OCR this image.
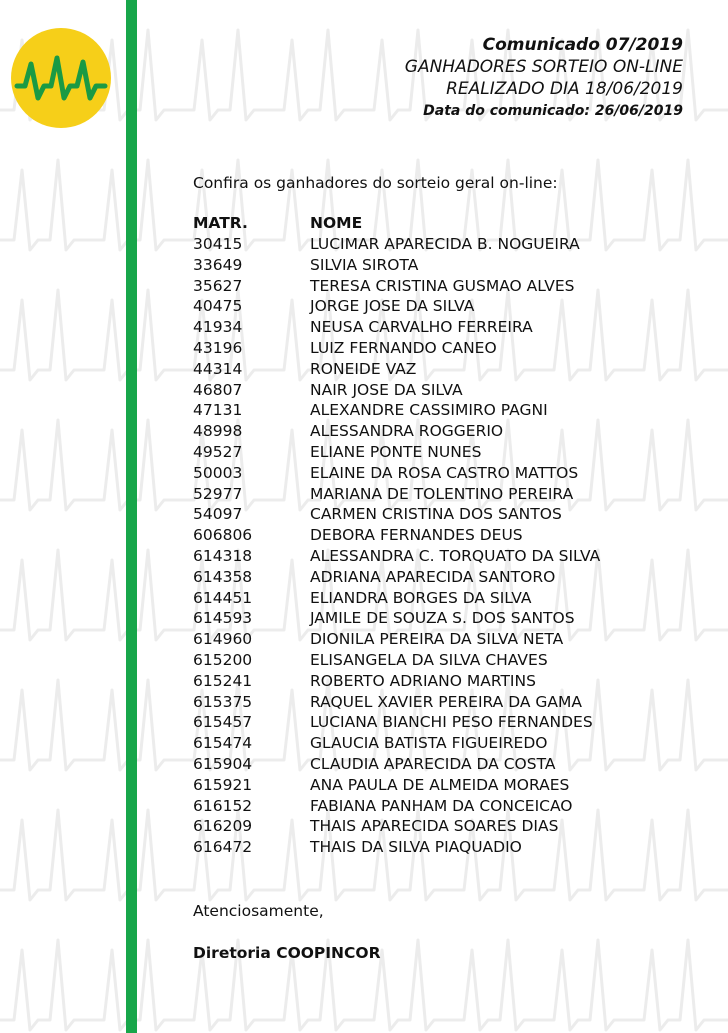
Comunicado 07/2019
GANHADORES SORTEIO ON-LINE
REALIZADO DIA 18/06/2019
Data do comunicado: 26/06/2019

Confira os ganhadores do sorteio geral on-line:

MATR.	NOME
30415	LUCIMAR APARECIDA B. NOGUEIRA
33649	SILVIA SIROTA
35627	TERESA CRISTINA GUSMAO ALVES
40475	JORGE JOSE DA SILVA
41934	NEUSA CARVALHO FERREIRA
43196	LUIZ FERNANDO CANEO
44314	RONEIDE VAZ
46807	NAIR JOSE DA SILVA
47131	ALEXANDRE CASSIMIRO PAGNI
48998	ALESSANDRA ROGGERIO
49527	ELIANE PONTE NUNES
50003	ELAINE DA ROSA CASTRO MATTOS
52977	MARIANA DE TOLENTINO PEREIRA
54097	CARMEN CRISTINA DOS SANTOS
606806	DEBORA FERNANDES DEUS
614318	ALESSANDRA C. TORQUATO DA SILVA
614358	ADRIANA APARECIDA SANTORO
614451	ELIANDRA BORGES DA SILVA
614593	JAMILE DE SOUZA S. DOS SANTOS
614960	DIONILA PEREIRA DA SILVA NETA
615200	ELISANGELA DA SILVA CHAVES
615241	ROBERTO ADRIANO MARTINS
615375	RAQUEL XAVIER PEREIRA DA GAMA
615457	LUCIANA BIANCHI PESO FERNANDES
615474	GLAUCIA BATISTA FIGUEIREDO
615904	CLAUDIA APARECIDA DA COSTA
615921	ANA PAULA DE ALMEIDA MORAES
616152	FABIANA PANHAM DA CONCEICAO
616209	THAIS APARECIDA SOARES DIAS
616472	THAIS DA SILVA PIAQUADIO
Atenciosamente,
Diretoria COOPINCOR
